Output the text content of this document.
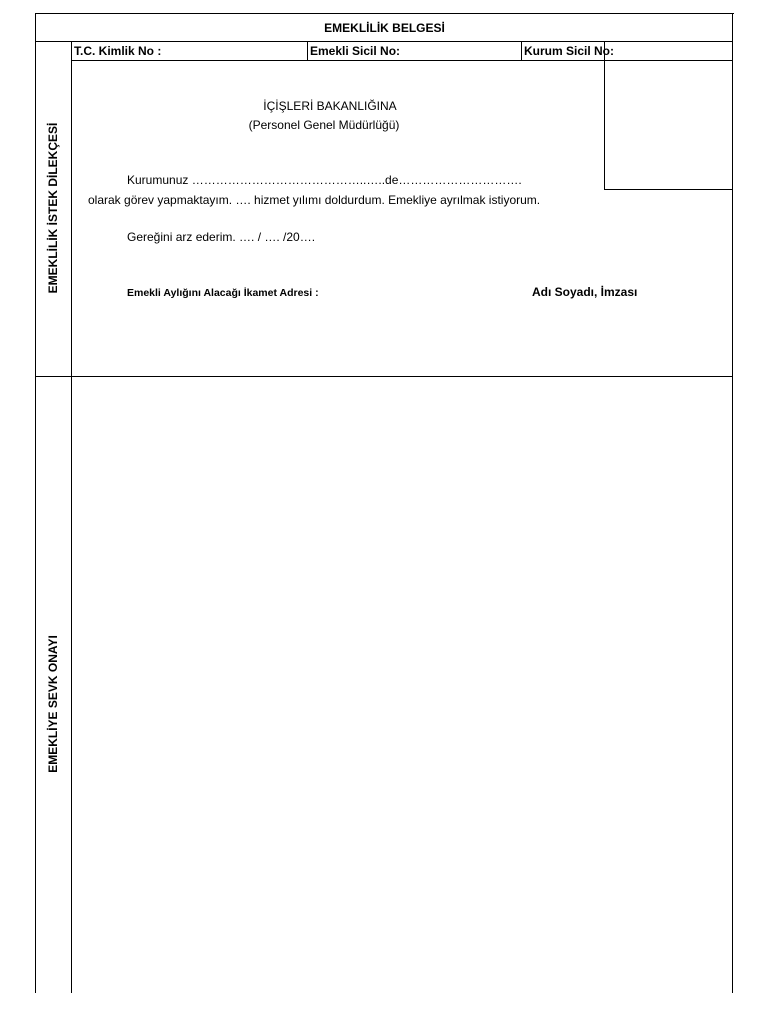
EMEKLİLİK BELGESİ
T.C. Kimlik No :	Emekli Sicil No:	Kurum Sicil No:
EMEKLİLİK İSTEK DİLEKÇESİ
İÇİŞLERİ BAKANLIĞINA
(Personel Genel Müdürlüğü)
Kurumunuz ……………………………………..…..de………………………….
olarak görev yapmaktayım. …. hizmet yılımı doldurdum. Emekliye ayrılmak istiyorum.
Gereğini arz ederim. …. / …. /20….
Emekli Aylığını Alacağı İkamet Adresi :	Adı Soyadı, İmzası
EMEKLİYE SEVK ONAYI
